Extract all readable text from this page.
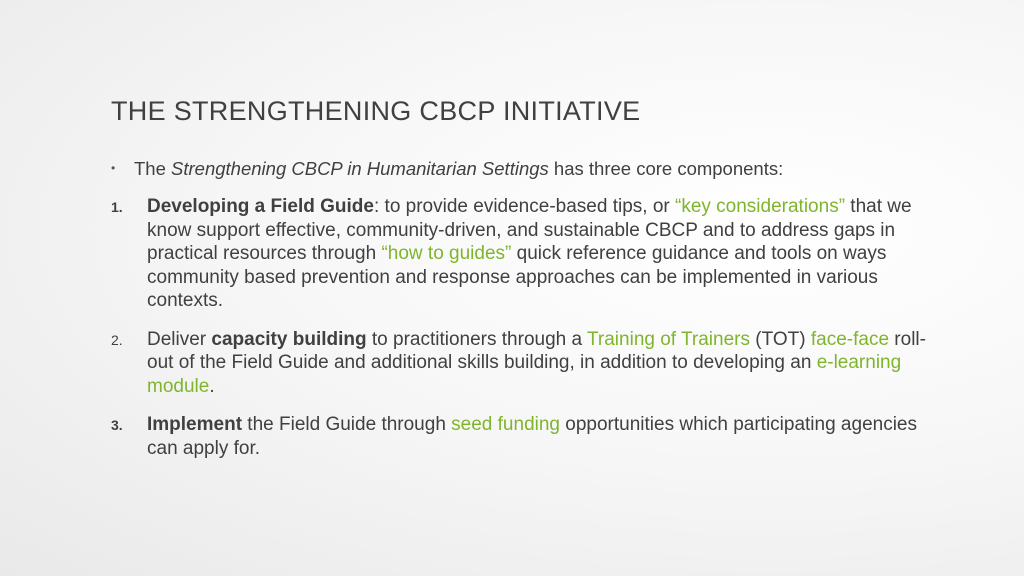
THE STRENGTHENING CBCP INITIATIVE
• The Strengthening CBCP in Humanitarian Settings has three core components:
1. Developing a Field Guide: to provide evidence-based tips, or “key considerations” that we know support effective, community-driven, and sustainable CBCP and to address gaps in practical resources through “how to guides” quick reference guidance and tools on ways community based prevention and response approaches can be implemented in various contexts.
2. Deliver capacity building to practitioners through a Training of Trainers (TOT) face-face roll-out of the Field Guide and additional skills building, in addition to developing an e-learning module.
3. Implement the Field Guide through seed funding opportunities which participating agencies can apply for.
